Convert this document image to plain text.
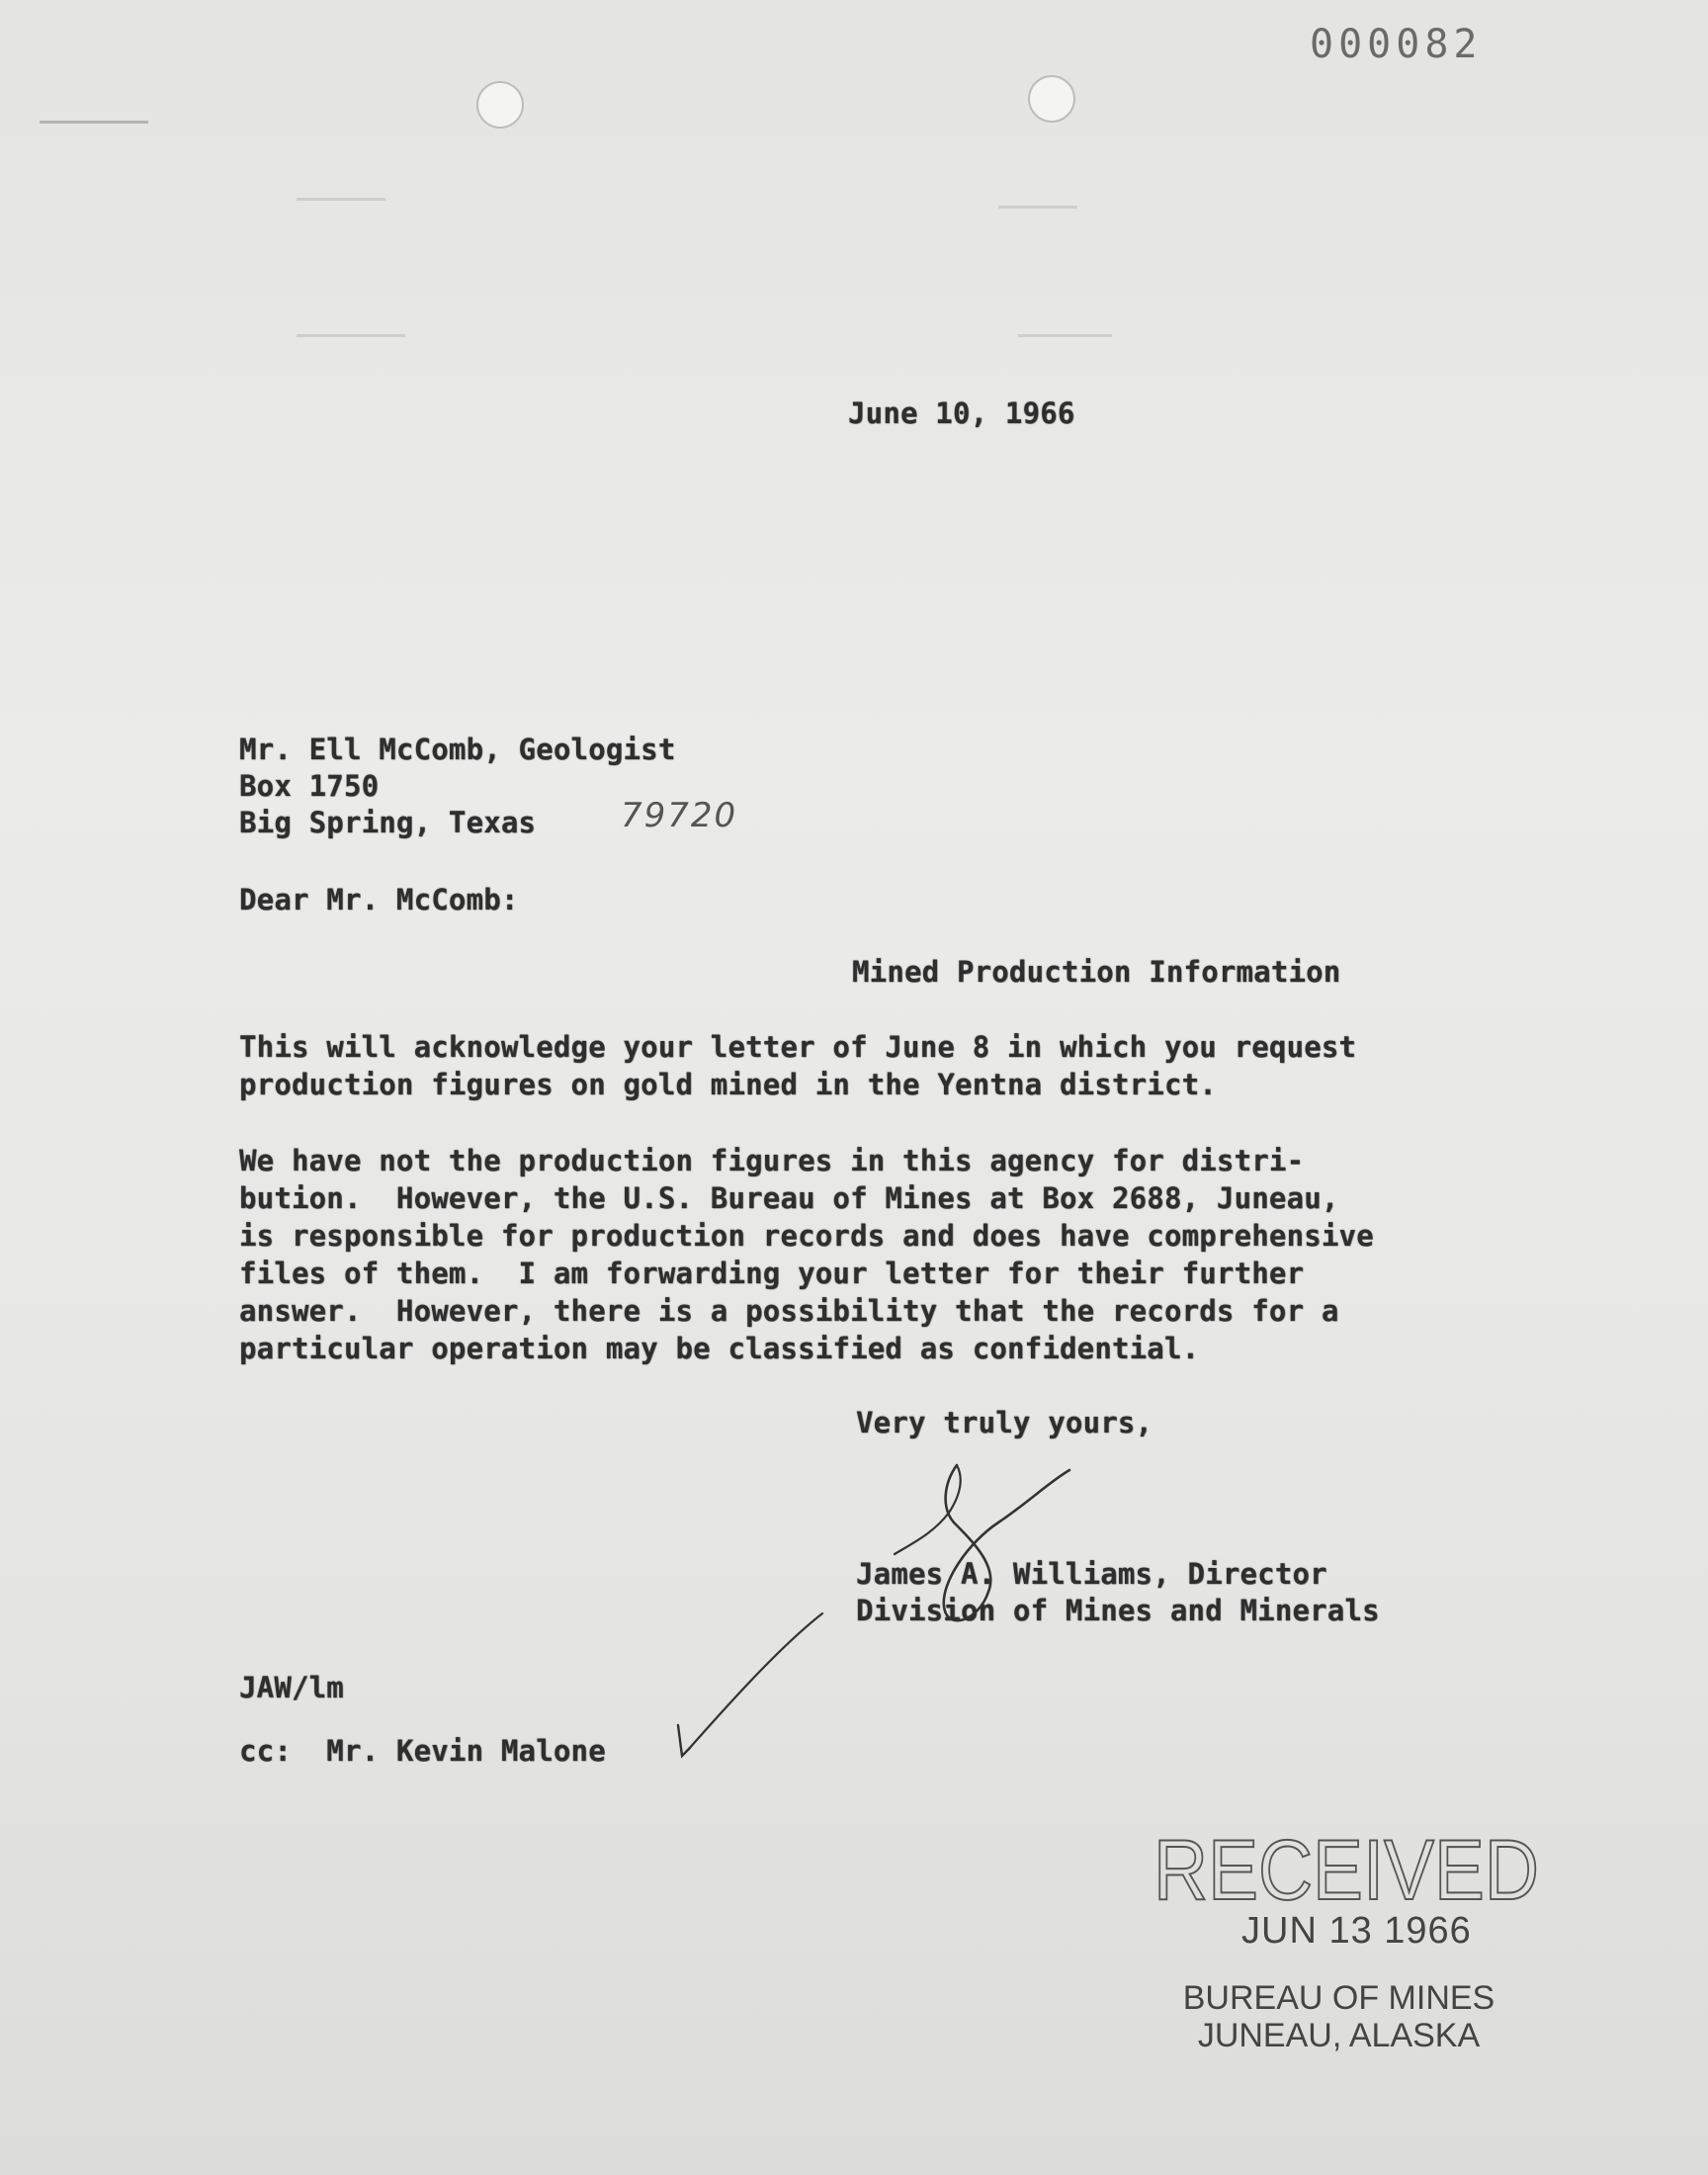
000082
June 10, 1966
Mr. Ell McComb, Geologist
Box 1750
Big Spring, Texas	79720
Dear Mr. McComb:
Mined Production Information
This will acknowledge your letter of June 8 in which you request
production figures on gold mined in the Yentna district.
We have not the production figures in this agency for distri-
bution.  However, the U.S. Bureau of Mines at Box 2688, Juneau,
is responsible for production records and does have comprehensive
files of them.  I am forwarding your letter for their further
answer.  However, there is a possibility that the records for a
particular operation may be classified as confidential.
Very truly yours,
James A. Williams, Director
Division of Mines and Minerals
JAW/lm
cc:  Mr. Kevin Malone
RECEIVED
JUN 13 1966
BUREAU OF MINES
JUNEAU, ALASKA
